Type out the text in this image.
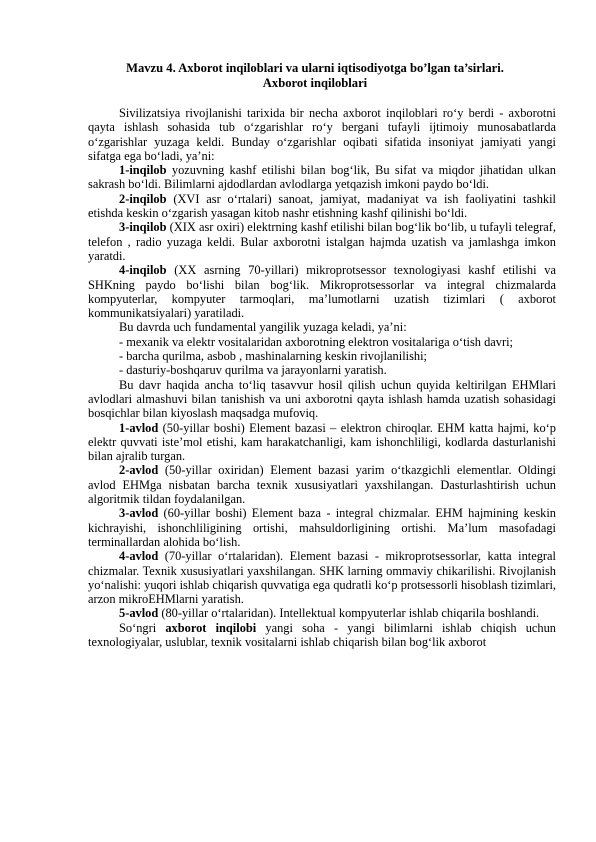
Mavzu 4. Axborot inqiloblari va ularni iqtisodiyotga bo’lgan ta’sirlari.
Axborot inqiloblari

Sivilizatsiya rivojlanishi tarixida bir necha axborot inqiloblari ro‘y berdi - axborotni qayta ishlash sohasida tub o‘zgarishlar ro‘y bergani tufayli ijtimoiy munosabatlarda o‘zgarishlar yuzaga keldi. Bunday o‘zgarishlar oqibati sifatida insoniyat jamiyati yangi sifatga ega bo‘ladi, ya’ni:

1-inqilob yozuvning kashf etilishi bilan bog‘lik, Bu sifat va miqdor jihatidan ulkan sakrash bo‘ldi. Bilimlarni ajdodlardan avlodlarga yetqazish imkoni paydo bo‘ldi.

2-inqilob (XVI asr o‘rtalari) sanoat, jamiyat, madaniyat va ish faoliyatini tashkil etishda keskin o‘zgarish yasagan kitob nashr etishning kashf qilinishi bo‘ldi.

3-inqilob (XIX asr oxiri) elektrning kashf etilishi bilan bog‘lik bo‘lib, u tufayli telegraf, telefon , radio yuzaga keldi. Bular axborotni istalgan hajmda uzatish va jamlashga imkon yaratdi.

4-inqilob (XX asrning 70-yillari) mikroprotsessor texnologiyasi kashf etilishi va SHKning paydo bo‘lishi bilan bog‘lik. Mikroprotsessorlar va integral chizmalarda kompyuterlar, kompyuter tarmoqlari, ma’lumotlarni uzatish tizimlari ( axborot kommunikatsiyalari) yaratiladi.

Bu davrda uch fundamental yangilik yuzaga keladi, ya’ni:

- mexanik va elektr vositalaridan axborotning elektron vositalariga o‘tish davri;

- barcha qurilma, asbob , mashinalarning keskin rivojlanilishi;

- dasturiy-boshqaruv qurilma va jarayonlarni yaratish.

Bu davr haqida ancha to‘liq tasavvur hosil qilish uchun quyida keltirilgan EHMlari avlodlari almashuvi bilan tanishish va uni axborotni qayta ishlash hamda uzatish sohasidagi bosqichlar bilan kiyoslash maqsadga mufoviq.

1-avlod (50-yillar boshi) Element bazasi – elektron chiroqlar. EHM katta hajmi, ko‘p elektr quvvati iste’mol etishi, kam harakatchanligi, kam ishonchliligi, kodlarda dasturlanishi bilan ajralib turgan.

2-avlod (50-yillar oxiridan) Element bazasi yarim o‘tkazgichli elementlar. Oldingi avlod EHMga nisbatan barcha texnik xususiyatlari yaxshilangan. Dasturlashtirish uchun algoritmik tildan foydalanilgan.

3-avlod (60-yillar boshi) Element baza - integral chizmalar. EHM hajmining keskin kichrayishi, ishonchliligining ortishi, mahsuldorligining ortishi. Ma’lum masofadagi terminallardan alohida bo‘lish.

4-avlod (70-yillar o‘rtalaridan). Element bazasi - mikroprotsessorlar, katta integral chizmalar. Texnik xususiyatlari yaxshilangan. SHK larning ommaviy chikarilishi. Rivojlanish yo‘nalishi: yuqori ishlab chiqarish quvvatiga ega qudratli ko‘p protsessorli hisoblash tizimlari, arzon mikroEHMlarni yaratish.

5-avlod (80-yillar o‘rtalaridan). Intellektual kompyuterlar ishlab chiqarila boshlandi.

So‘ngri axborot inqilobi yangi soha - yangi bilimlarni ishlab chiqish uchun texnologiyalar, uslublar, texnik vositalarni ishlab chiqarish bilan bog‘lik axborot
